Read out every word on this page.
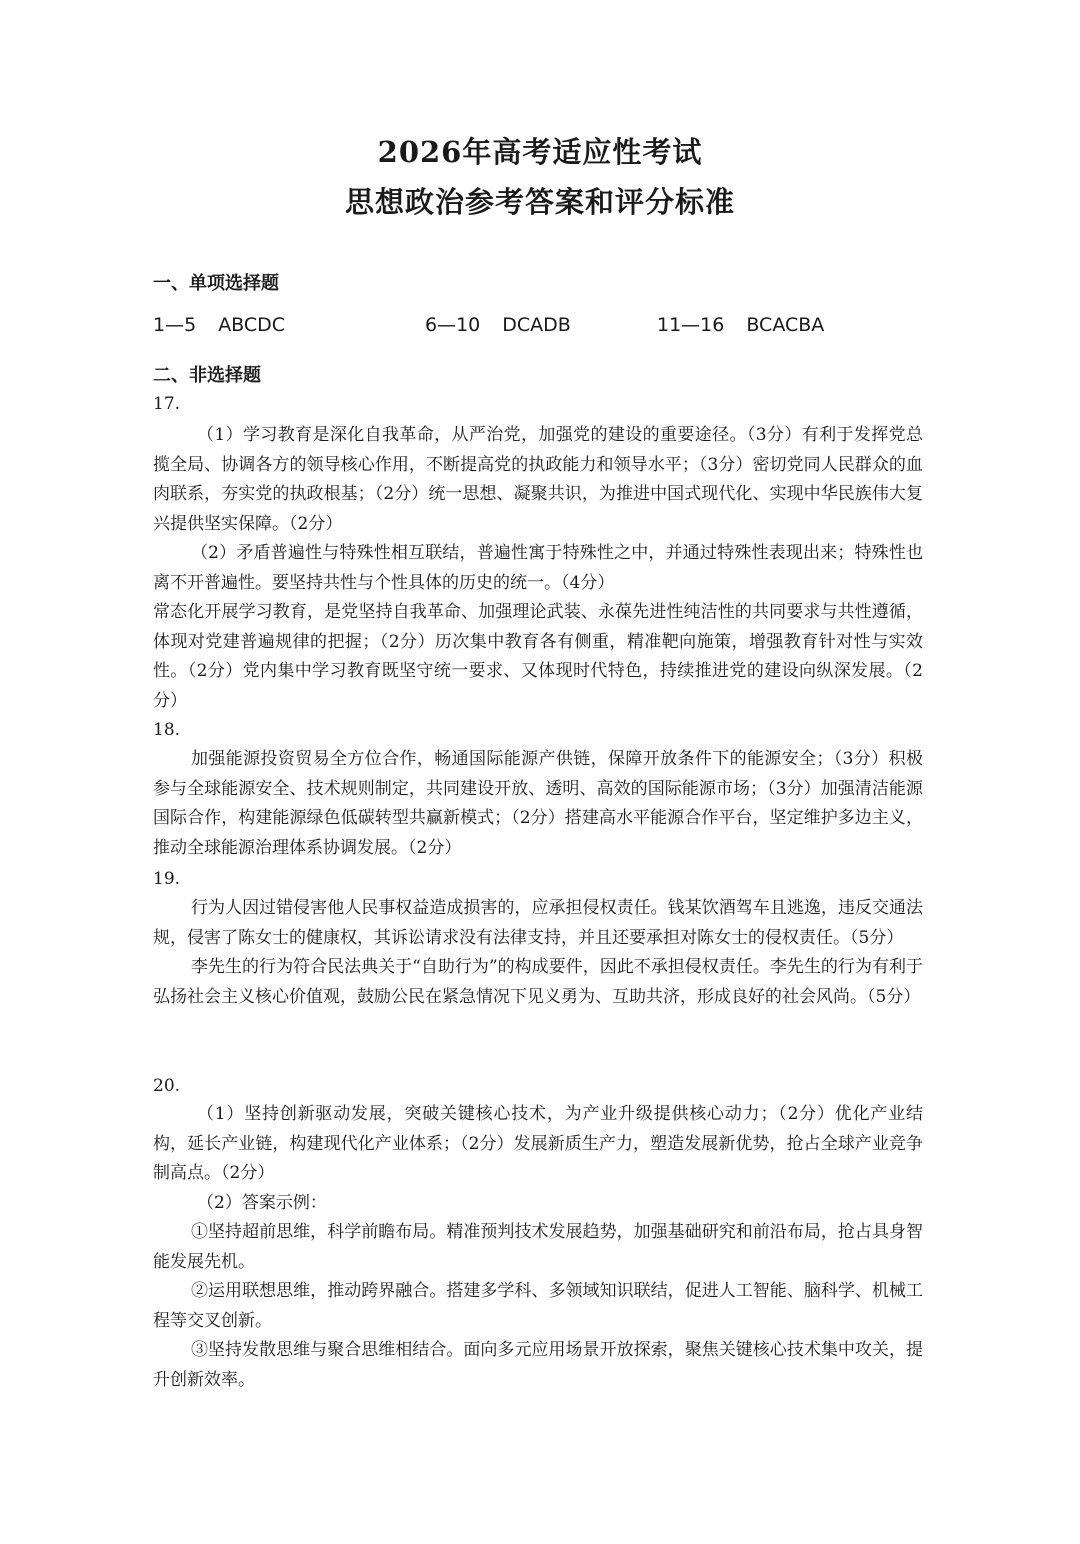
2026年高考适应性考试
思想政治参考答案和评分标准
一、单项选择题
1—5 ABCDC	6—10 DCADB	11—16 BCACBA
二、非选择题
17.

（1）学习教育是深化自我革命，从严治党，加强党的建设的重要途径。（3分）有利于发挥党总揽全局、协调各方的领导核心作用，不断提高党的执政能力和领导水平；（3分）密切党同人民群众的血肉联系，夯实党的执政根基；（2分）统一思想、凝聚共识，为推进中国式现代化、实现中华民族伟大复兴提供坚实保障。（2分）

（2）矛盾普遍性与特殊性相互联结，普遍性寓于特殊性之中，并通过特殊性表现出来；特殊性也离不开普遍性。要坚持共性与个性具体的历史的统一。（4分）

常态化开展学习教育，是党坚持自我革命、加强理论武装、永葆先进性纯洁性的共同要求与共性遵循，体现对党建普遍规律的把握；（2分）历次集中教育各有侧重，精准靶向施策，增强教育针对性与实效性。（2分）党内集中学习教育既坚守统一要求、又体现时代特色，持续推进党的建设向纵深发展。（2分）

18.

加强能源投资贸易全方位合作，畅通国际能源产供链，保障开放条件下的能源安全；（3分）积极参与全球能源安全、技术规则制定，共同建设开放、透明、高效的国际能源市场；（3分）加强清洁能源国际合作，构建能源绿色低碳转型共赢新模式；（2分）搭建高水平能源合作平台，坚定维护多边主义，推动全球能源治理体系协调发展。（2分）

19.

行为人因过错侵害他人民事权益造成损害的，应承担侵权责任。钱某饮酒驾车且逃逸，违反交通法规，侵害了陈女士的健康权，其诉讼请求没有法律支持，并且还要承担对陈女士的侵权责任。（5分）

李先生的行为符合民法典关于“自助行为”的构成要件，因此不承担侵权责任。李先生的行为有利于弘扬社会主义核心价值观，鼓励公民在紧急情况下见义勇为、互助共济，形成良好的社会风尚。（5分）

20.

（1）坚持创新驱动发展，突破关键核心技术，为产业升级提供核心动力；（2分）优化产业结构，延长产业链，构建现代化产业体系；（2分）发展新质生产力，塑造发展新优势，抢占全球产业竞争制高点。（2分）

（2）答案示例：

①坚持超前思维，科学前瞻布局。精准预判技术发展趋势，加强基础研究和前沿布局，抢占具身智能发展先机。

②运用联想思维，推动跨界融合。搭建多学科、多领域知识联结，促进人工智能、脑科学、机械工程等交叉创新。

③坚持发散思维与聚合思维相结合。面向多元应用场景开放探索，聚焦关键核心技术集中攻关，提升创新效率。
